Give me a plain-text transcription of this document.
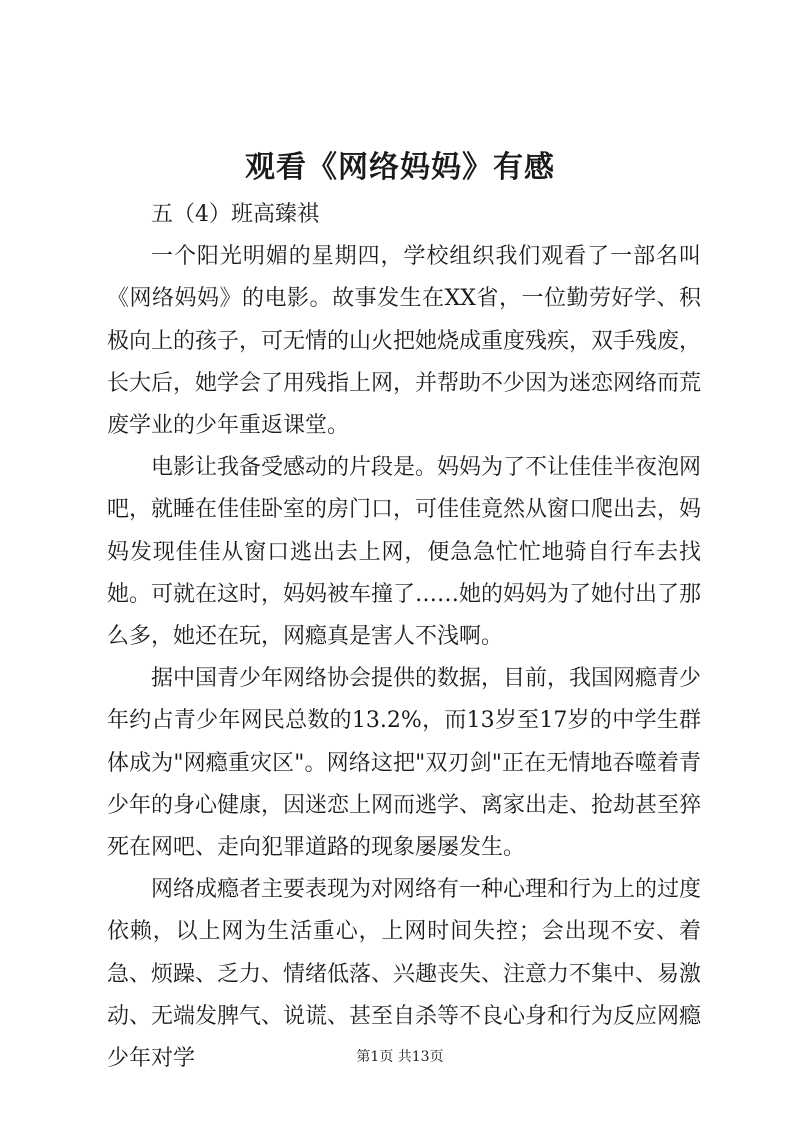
观看《网络妈妈》有感

五（4）班高臻祺

一个阳光明媚的星期四，学校组织我们观看了一部名叫《网络妈妈》的电影。故事发生在XX省，一位勤劳好学、积极向上的孩子，可无情的山火把她烧成重度残疾，双手残废，长大后，她学会了用残指上网，并帮助不少因为迷恋网络而荒废学业的少年重返课堂。

电影让我备受感动的片段是。妈妈为了不让佳佳半夜泡网吧，就睡在佳佳卧室的房门口，可佳佳竟然从窗口爬出去，妈妈发现佳佳从窗口逃出去上网，便急急忙忙地骑自行车去找她。可就在这时，妈妈被车撞了……她的妈妈为了她付出了那么多，她还在玩，网瘾真是害人不浅啊。

据中国青少年网络协会提供的数据，目前，我国网瘾青少年约占青少年网民总数的13.2%，而13岁至17岁的中学生群体成为"网瘾重灾区"。网络这把"双刃剑"正在无情地吞噬着青少年的身心健康，因迷恋上网而逃学、离家出走、抢劫甚至猝死在网吧、走向犯罪道路的现象屡屡发生。

网络成瘾者主要表现为对网络有一种心理和行为上的过度依赖，以上网为生活重心，上网时间失控；会出现不安、着急、烦躁、乏力、情绪低落、兴趣丧失、注意力不集中、易激动、无端发脾气、说谎、甚至自杀等不良心身和行为反应网瘾少年对学	第1页 共13页
